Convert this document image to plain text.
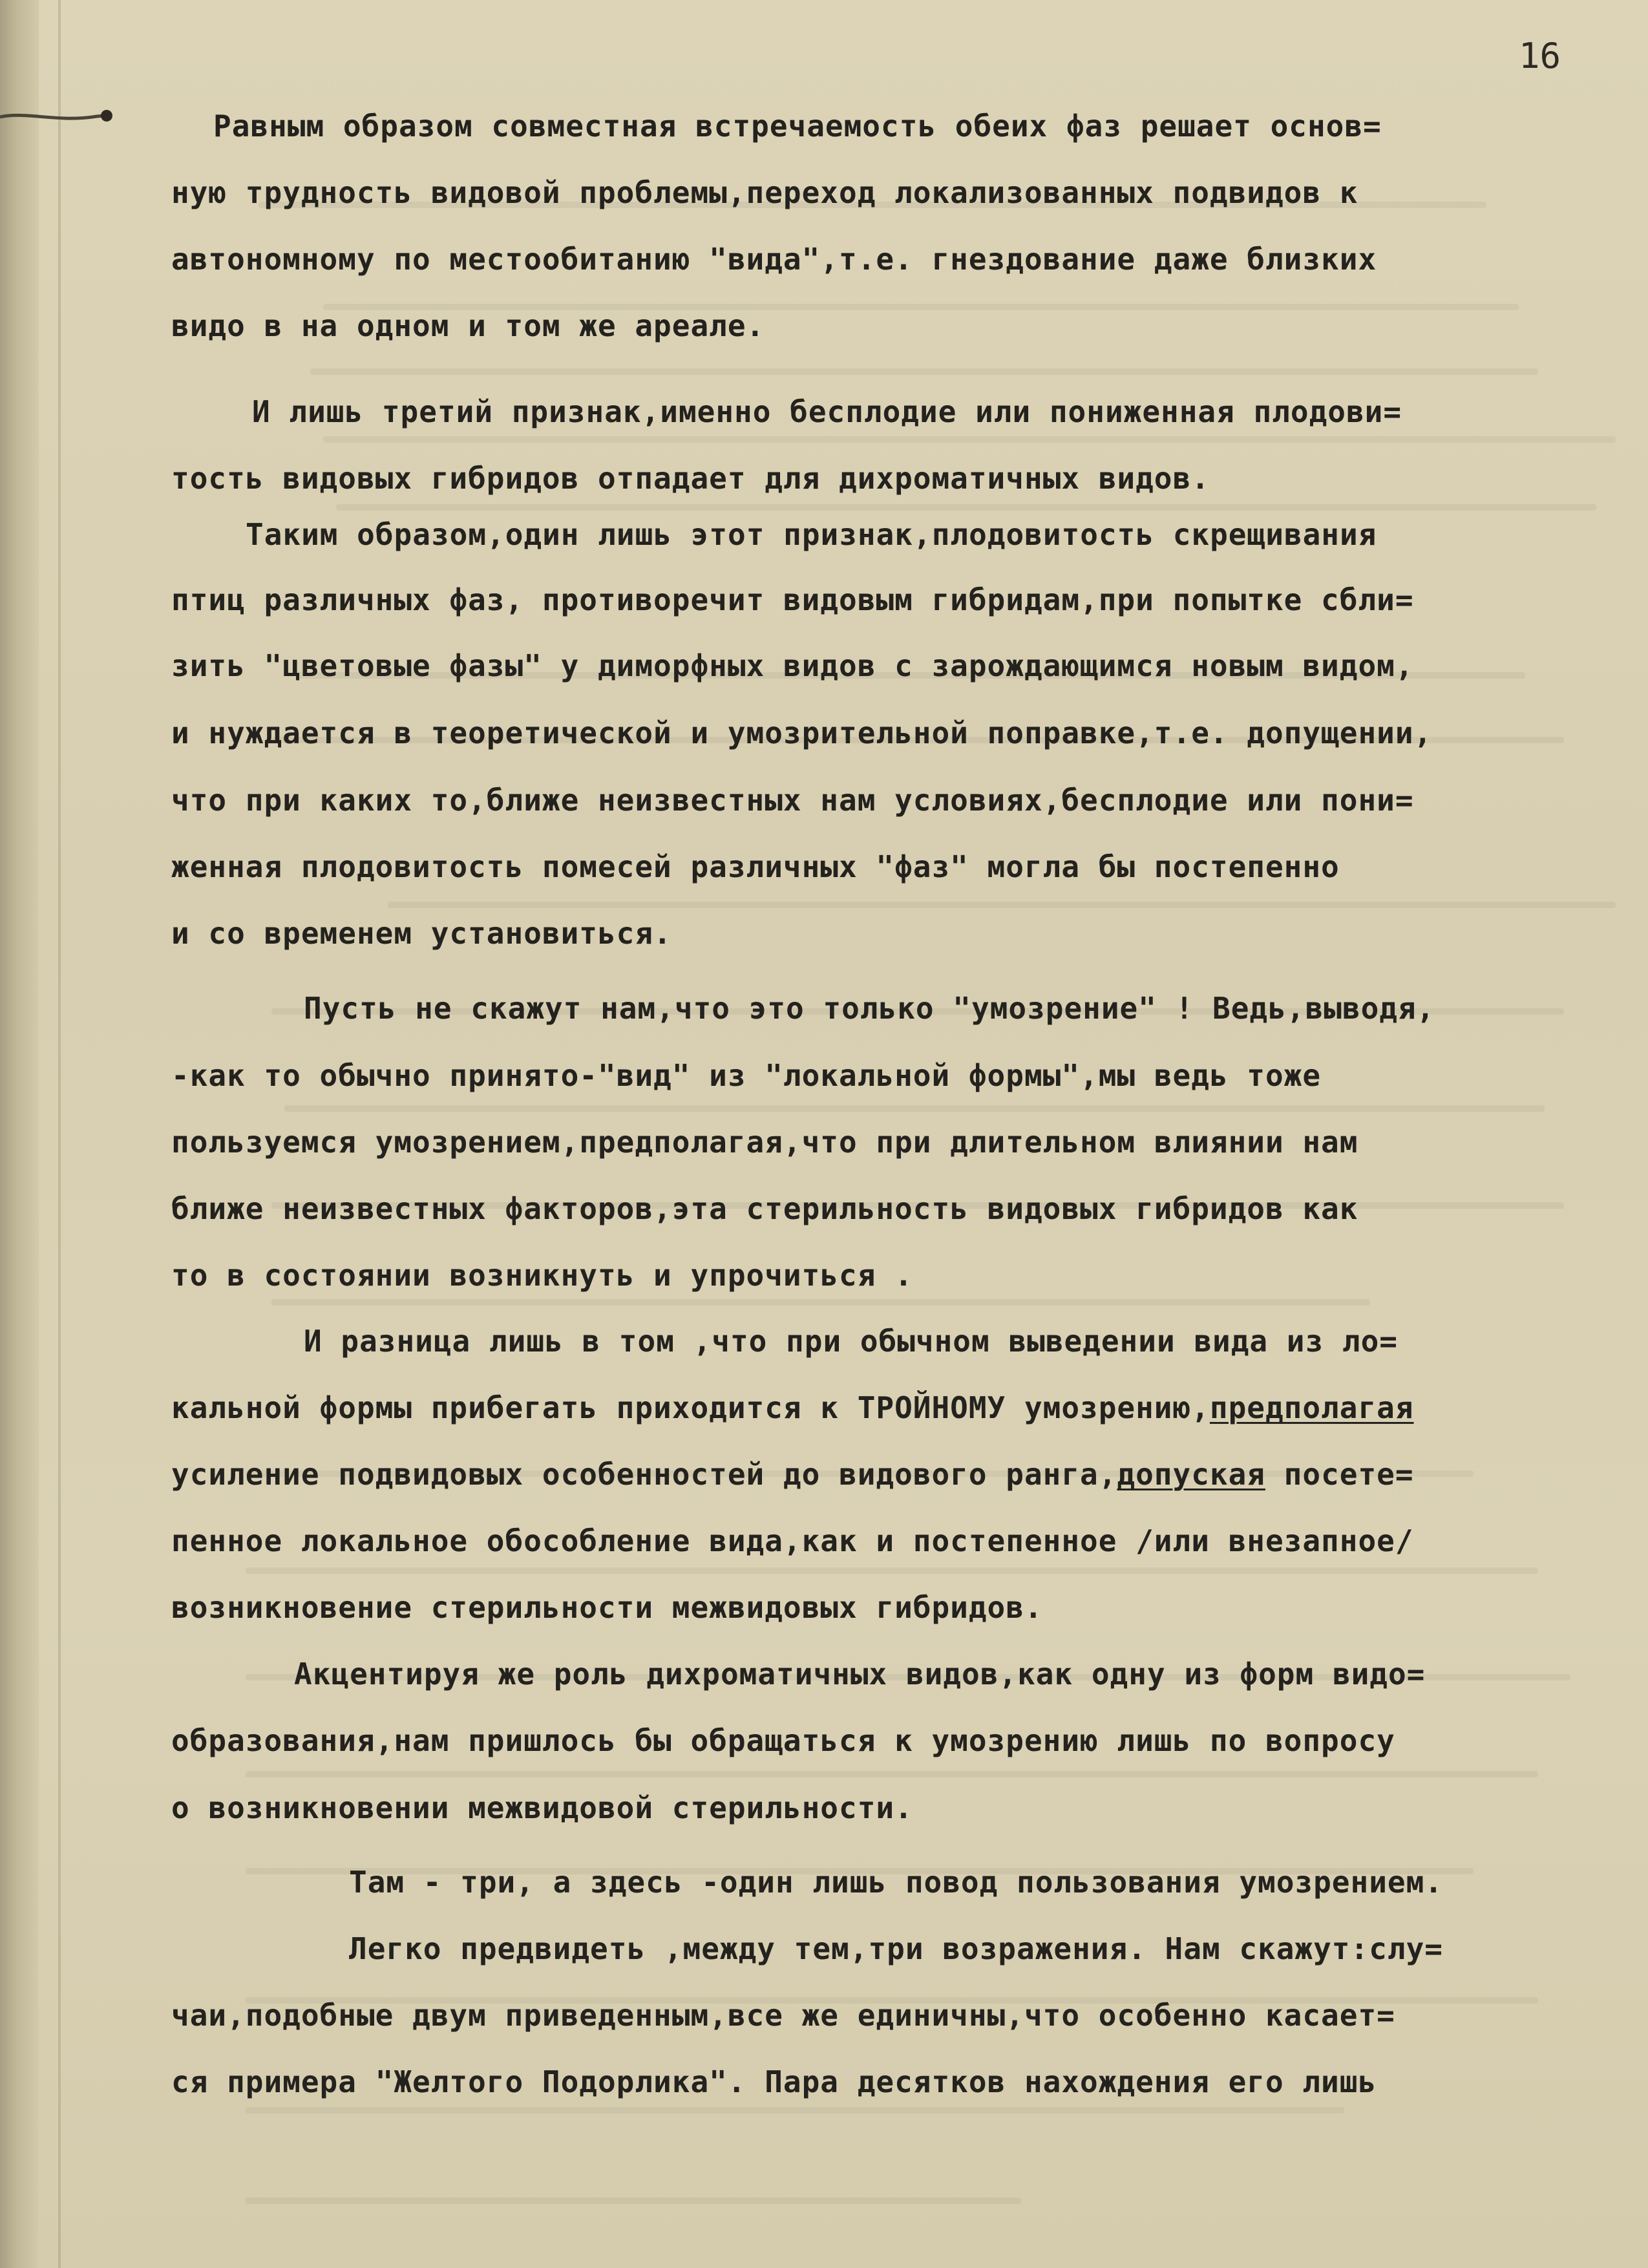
16
Равным образом совместная встречаемость обеих фаз решает основ=
ную трудность видовой проблемы,переход локализованных подвидов к
автономному по местообитанию "вида",т.е. гнездование даже близких
видо в на одном и том же ареале.
И лишь третий признак,именно бесплодие или пониженная плодови=
тость видовых гибридов отпадает для дихроматичных видов.
Таким образом,один лишь этот признак,плодовитость скрещивания
птиц различных фаз, противоречит видовым гибридам,при попытке сбли=
зить "цветовые фазы" у диморфных видов с зарождающимся новым видом,
и нуждается в теоретической и умозрительной поправке,т.е. допущении,
что при каких то,ближе неизвестных нам условиях,бесплодие или пони=
женная плодовитость помесей различных "фаз" могла бы постепенно
и со временем установиться.
Пусть не скажут нам,что это только "умозрение" ! Ведь,выводя,
-как то обычно принято-"вид" из "локальной формы",мы ведь тоже
пользуемся умозрением,предполагая,что при длительном влиянии нам
ближе неизвестных факторов,эта стерильность видовых гибридов как
то в состоянии возникнуть и упрочиться .
И разница лишь в том ,что при обычном выведении вида из ло=
кальной формы прибегать приходится к ТРОЙНОМУ умозрению,предполагая
усиление подвидовых особенностей до видового ранга,допуская посете=
пенное локальное обособление вида,как и постепенное /или внезапное/
возникновение стерильности межвидовых гибридов.
Акцентируя же роль дихроматичных видов,как одну из форм видо=
образования,нам пришлось бы обращаться к умозрению лишь по вопросу
о возникновении межвидовой стерильности.
Там - три, а здесь -один лишь повод пользования умозрением.
Легко предвидеть ,между тем,три возражения. Нам скажут:слу=
чаи,подобные двум приведенным,все же единичны,что особенно касает=
ся примера "Желтого Подорлика". Пара десятков нахождения его лишь
